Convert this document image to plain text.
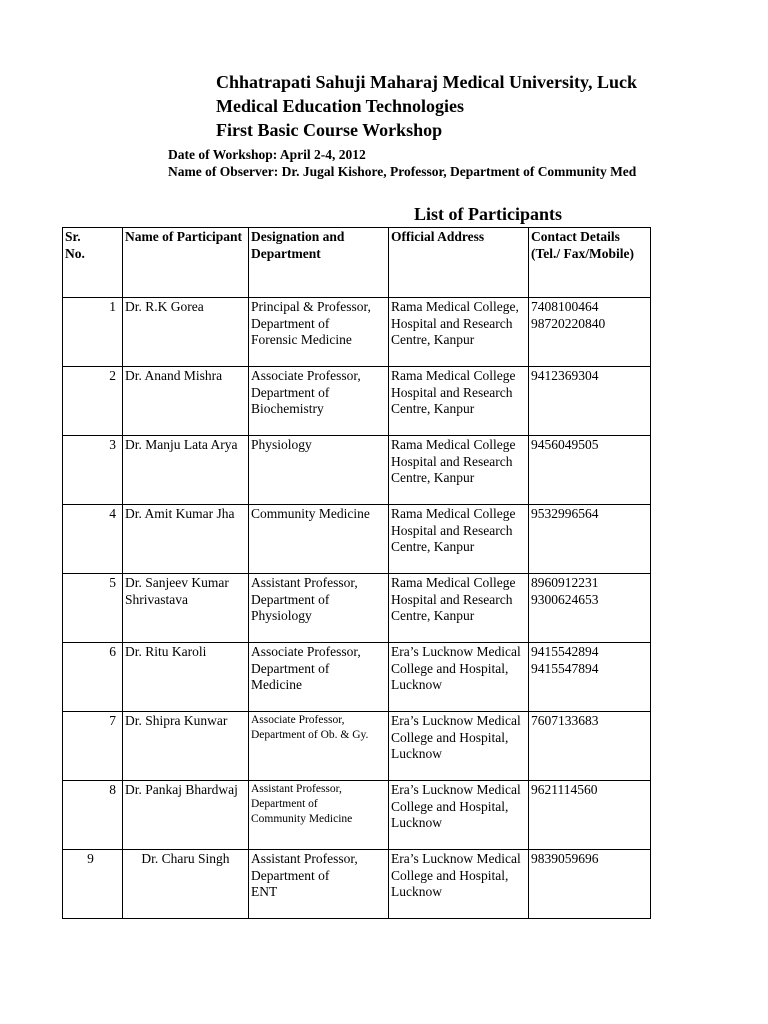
Chhatrapati Sahuji Maharaj Medical University, Luck
Medical Education Technologies
First Basic Course Workshop
Date of Workshop: April 2-4, 2012
Name of Observer: Dr. Jugal Kishore, Professor, Department of Community Med
List of Participants
Sr.
No.	Name of Participant	Designation and
Department	Official Address	Contact Details
(Tel./ Fax/Mobile)

1	Dr. R.K Gorea	Principal & Professor,
Department of
Forensic Medicine	Rama Medical College,
Hospital and Research
Centre, Kanpur	7408100464
98720220840

2	Dr. Anand Mishra	Associate Professor,
Department of
Biochemistry	Rama Medical College
Hospital and Research
Centre, Kanpur	9412369304

3	Dr. Manju Lata Arya	Physiology	Rama Medical College
Hospital and Research
Centre, Kanpur	9456049505

4	Dr. Amit Kumar Jha	Community Medicine	Rama Medical College
Hospital and Research
Centre, Kanpur	9532996564

5	Dr. Sanjeev Kumar
Shrivastava	Assistant Professor,
Department of
Physiology	Rama Medical College
Hospital and Research
Centre, Kanpur	8960912231
9300624653

6	Dr. Ritu Karoli	Associate Professor,
Department of
Medicine	Era’s Lucknow Medical
College and Hospital,
Lucknow	9415542894
9415547894

7	Dr. Shipra Kunwar	Associate Professor,
Department of Ob. & Gy.	Era’s Lucknow Medical
College and Hospital,
Lucknow	7607133683

8	Dr. Pankaj Bhardwaj	Assistant Professor,
Department of
Community Medicine	Era’s Lucknow Medical
College and Hospital,
Lucknow	9621114560

9	Dr. Charu Singh	Assistant Professor,
Department of
ENT	Era’s Lucknow Medical
College and Hospital,
Lucknow	9839059696
